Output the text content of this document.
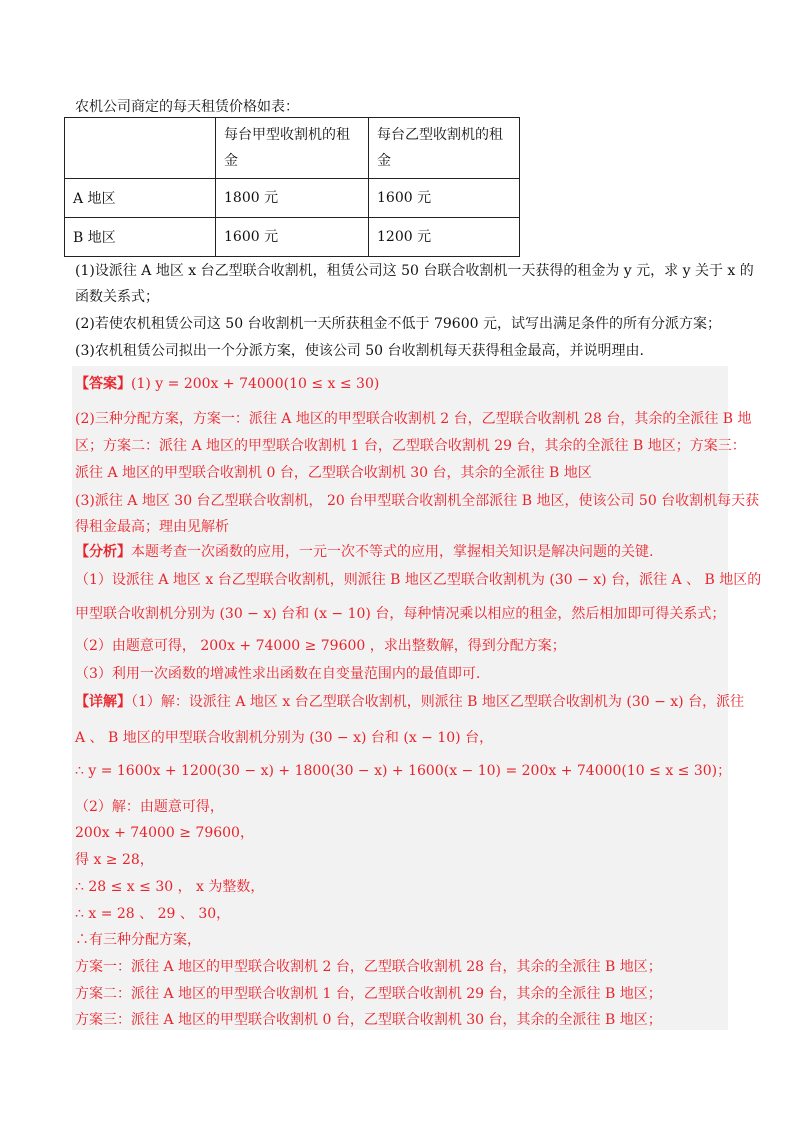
农机公司商定的每天租赁价格如表：
	每台甲型收割机的租金	每台乙型收割机的租金
A 地区	1800 元	1600 元
B 地区	1600 元	1200 元
(1)设派往 A 地区 x 台乙型联合收割机，租赁公司这 50 台联合收割机一天获得的租金为 y 元，求 y 关于 x 的
函数关系式；
(2)若使农机租赁公司这 50 台收割机一天所获租金不低于 79600 元，试写出满足条件的所有分派方案；
(3)农机租赁公司拟出一个分派方案，使该公司 50 台收割机每天获得租金最高，并说明理由.
【答案】(1) y = 200x + 74000(10 ≤ x ≤ 30)
(2)三种分配方案，方案一：派往 A 地区的甲型联合收割机 2 台，乙型联合收割机 28 台，其余的全派往 B 地
区；方案二：派往 A 地区的甲型联合收割机 1 台，乙型联合收割机 29 台，其余的全派往 B 地区；方案三：
派往 A 地区的甲型联合收割机 0 台，乙型联合收割机 30 台，其余的全派往 B 地区
(3)派往 A 地区 30 台乙型联合收割机， 20 台甲型联合收割机全部派往 B 地区，使该公司 50 台收割机每天获
得租金最高；理由见解析
【分析】本题考查一次函数的应用，一元一次不等式的应用，掌握相关知识是解决问题的关键.
（1）设派往 A 地区 x 台乙型联合收割机，则派往 B 地区乙型联合收割机为 (30 − x) 台，派往 A 、 B 地区的
甲型联合收割机分别为 (30 − x) 台和 (x − 10) 台，每种情况乘以相应的租金，然后相加即可得关系式；
（2）由题意可得， 200x + 74000 ≥ 79600 ，求出整数解，得到分配方案；
（3）利用一次函数的增减性求出函数在自变量范围内的最值即可.
【详解】（1）解：设派往 A 地区 x 台乙型联合收割机，则派往 B 地区乙型联合收割机为 (30 − x) 台，派往
A 、 B 地区的甲型联合收割机分别为 (30 − x) 台和 (x − 10) 台，
∴ y = 1600x + 1200(30 − x) + 1800(30 − x) + 1600(x − 10) = 200x + 74000(10 ≤ x ≤ 30)；
（2）解：由题意可得，
200x + 74000 ≥ 79600，
得 x ≥ 28，
∴ 28 ≤ x ≤ 30 ， x 为整数，
∴ x = 28 、 29 、 30，
∴有三种分配方案，
方案一：派往 A 地区的甲型联合收割机 2 台，乙型联合收割机 28 台，其余的全派往 B 地区；
方案二：派往 A 地区的甲型联合收割机 1 台，乙型联合收割机 29 台，其余的全派往 B 地区；
方案三：派往 A 地区的甲型联合收割机 0 台，乙型联合收割机 30 台，其余的全派往 B 地区；
